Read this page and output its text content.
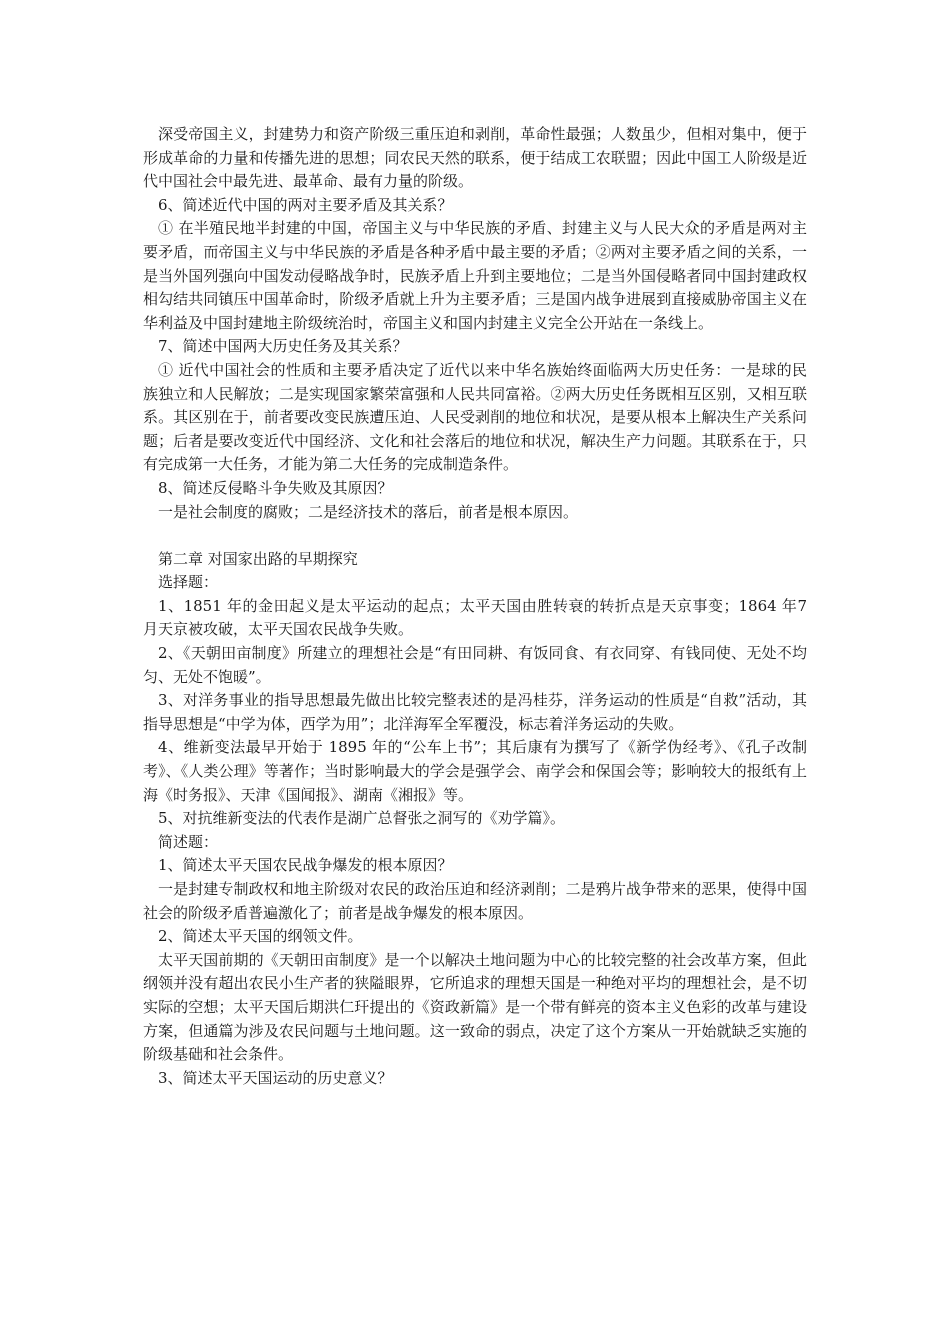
深受帝国主义，封建势力和资产阶级三重压迫和剥削，革命性最强；人数虽少，但相对集中，便于形成革命的力量和传播先进的思想；同农民天然的联系，便于结成工农联盟；因此中国工人阶级是近代中国社会中最先进、最革命、最有力量的阶级。

6、简述近代中国的两对主要矛盾及其关系？

① 在半殖民地半封建的中国，帝国主义与中华民族的矛盾、封建主义与人民大众的矛盾是两对主要矛盾，而帝国主义与中华民族的矛盾是各种矛盾中最主要的矛盾；②两对主要矛盾之间的关系，一是当外国列强向中国发动侵略战争时，民族矛盾上升到主要地位；二是当外国侵略者同中国封建政权相勾结共同镇压中国革命时，阶级矛盾就上升为主要矛盾；三是国内战争进展到直接威胁帝国主义在华利益及中国封建地主阶级统治时，帝国主义和国内封建主义完全公开站在一条线上。

7、简述中国两大历史任务及其关系？

① 近代中国社会的性质和主要矛盾决定了近代以来中华名族始终面临两大历史任务：一是球的民族独立和人民解放；二是实现国家繁荣富强和人民共同富裕。②两大历史任务既相互区别，又相互联系。其区别在于，前者要改变民族遭压迫、人民受剥削的地位和状况，是要从根本上解决生产关系问题；后者是要改变近代中国经济、文化和社会落后的地位和状况，解决生产力问题。其联系在于，只有完成第一大任务，才能为第二大任务的完成制造条件。

8、简述反侵略斗争失败及其原因？

一是社会制度的腐败；二是经济技术的落后，前者是根本原因。

第二章 对国家出路的早期探究

选择题：

1、1851 年的金田起义是太平运动的起点；太平天国由胜转衰的转折点是天京事变；1864 年7 月天京被攻破，太平天国农民战争失败。

2、《天朝田亩制度》所建立的理想社会是“有田同耕、有饭同食、有衣同穿、有钱同使、无处不均匀、无处不饱暖”。

3、对洋务事业的指导思想最先做出比较完整表述的是冯桂芬，洋务运动的性质是“自救”活动，其指导思想是“中学为体，西学为用”；北洋海军全军覆没，标志着洋务运动的失败。

4、维新变法最早开始于 1895 年的“公车上书”；其后康有为撰写了《新学伪经考》、《孔子改制考》、《人类公理》等著作；当时影响最大的学会是强学会、南学会和保国会等；影响较大的报纸有上海《时务报》、天津《国闻报》、湖南《湘报》等。

5、对抗维新变法的代表作是湖广总督张之洞写的《劝学篇》。

简述题：

1、简述太平天国农民战争爆发的根本原因？

一是封建专制政权和地主阶级对农民的政治压迫和经济剥削；二是鸦片战争带来的恶果，使得中国社会的阶级矛盾普遍激化了；前者是战争爆发的根本原因。

2、简述太平天国的纲领文件。

太平天国前期的《天朝田亩制度》是一个以解决土地问题为中心的比较完整的社会改革方案，但此纲领并没有超出农民小生产者的狭隘眼界，它所追求的理想天国是一种绝对平均的理想社会，是不切实际的空想；太平天国后期洪仁玕提出的《资政新篇》是一个带有鲜亮的资本主义色彩的改革与建设方案，但通篇为涉及农民问题与土地问题。这一致命的弱点，决定了这个方案从一开始就缺乏实施的阶级基础和社会条件。

3、简述太平天国运动的历史意义？
